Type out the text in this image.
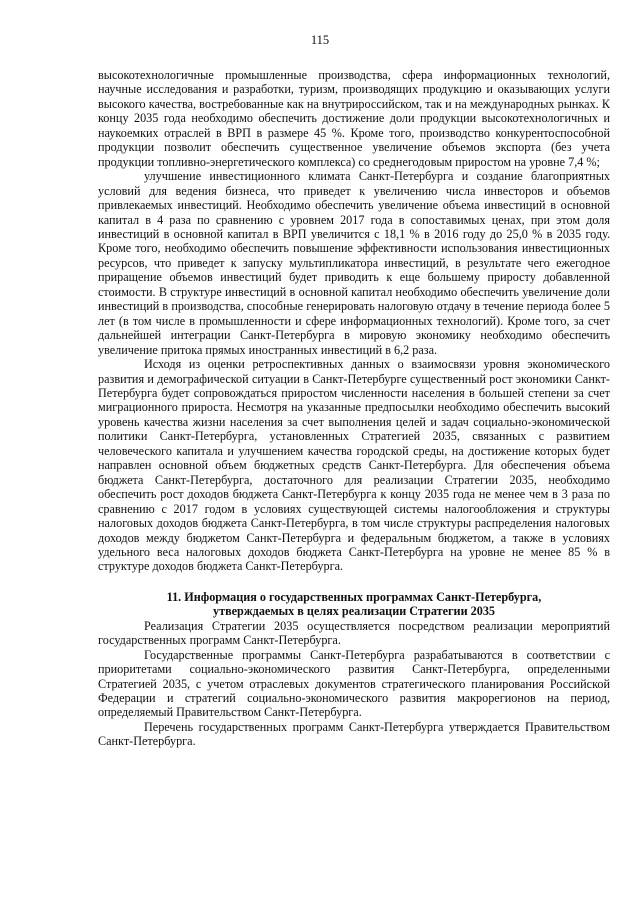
115

высокотехнологичные промышленные производства, сфера информационных технологий, научные исследования и разработки, туризм, производящих продукцию и оказывающих услуги высокого качества, востребованные как на внутрироссийском, так и на международных рынках. К концу 2035 года необходимо обеспечить достижение доли продукции высокотехнологичных и наукоемких отраслей в ВРП в размере 45 %. Кроме того, производство конкурентоспособной продукции позволит обеспечить существенное увеличение объемов экспорта (без учета продукции топливно-энергетического комплекса) со среднегодовым приростом на уровне 7,4 %;

улучшение инвестиционного климата Санкт-Петербурга и создание благоприятных условий для ведения бизнеса, что приведет к увеличению числа инвесторов и объемов привлекаемых инвестиций. Необходимо обеспечить увеличение объема инвестиций в основной капитал в 4 раза по сравнению с уровнем 2017 года в сопоставимых ценах, при этом доля инвестиций в основной капитал в ВРП увеличится с 18,1 % в 2016 году до 25,0 % в 2035 году. Кроме того, необходимо обеспечить повышение эффективности использования инвестиционных ресурсов, что приведет к запуску мультипликатора инвестиций, в результате чего ежегодное приращение объемов инвестиций будет приводить к еще большему приросту добавленной стоимости. В структуре инвестиций в основной капитал необходимо обеспечить увеличение доли инвестиций в производства, способные генерировать налоговую отдачу в течение периода более 5 лет (в том числе в промышленности и сфере информационных технологий). Кроме того, за счет дальнейшей интеграции Санкт-Петербурга в мировую экономику необходимо обеспечить увеличение притока прямых иностранных инвестиций в 6,2 раза.

Исходя из оценки ретроспективных данных о взаимосвязи уровня экономического развития и демографической ситуации в Санкт-Петербурге существенный рост экономики Санкт-Петербурга будет сопровождаться приростом численности населения в большей степени за счет миграционного прироста. Несмотря на указанные предпосылки необходимо обеспечить высокий уровень качества жизни населения за счет выполнения целей и задач социально-экономической политики Санкт-Петербурга, установленных Стратегией 2035, связанных с развитием человеческого капитала и улучшением качества городской среды, на достижение которых будет направлен основной объем бюджетных средств Санкт-Петербурга. Для обеспечения объема бюджета Санкт-Петербурга, достаточного для реализации Стратегии 2035, необходимо обеспечить рост доходов бюджета Санкт-Петербурга к концу 2035 года не менее чем в 3 раза по сравнению с 2017 годом в условиях существующей системы налогообложения и структуры налоговых доходов бюджета Санкт-Петербурга, в том числе структуры распределения налоговых доходов между бюджетом Санкт-Петербурга и федеральным бюджетом, а также в условиях удельного веса налоговых доходов бюджета Санкт-Петербурга на уровне не менее 85 % в структуре доходов бюджета Санкт-Петербурга.

11. Информация о государственных программах Санкт-Петербурга,
утверждаемых в целях реализации Стратегии 2035

Реализация Стратегии 2035 осуществляется посредством реализации мероприятий государственных программ Санкт-Петербурга.

Государственные программы Санкт-Петербурга разрабатываются в соответствии с приоритетами социально-экономического развития Санкт-Петербурга, определенными Стратегией 2035, с учетом отраслевых документов стратегического планирования Российской Федерации и стратегий социально-экономического развития макрорегионов на период, определяемый Правительством Санкт-Петербурга.

Перечень государственных программ Санкт-Петербурга утверждается Правительством Санкт-Петербурга.
